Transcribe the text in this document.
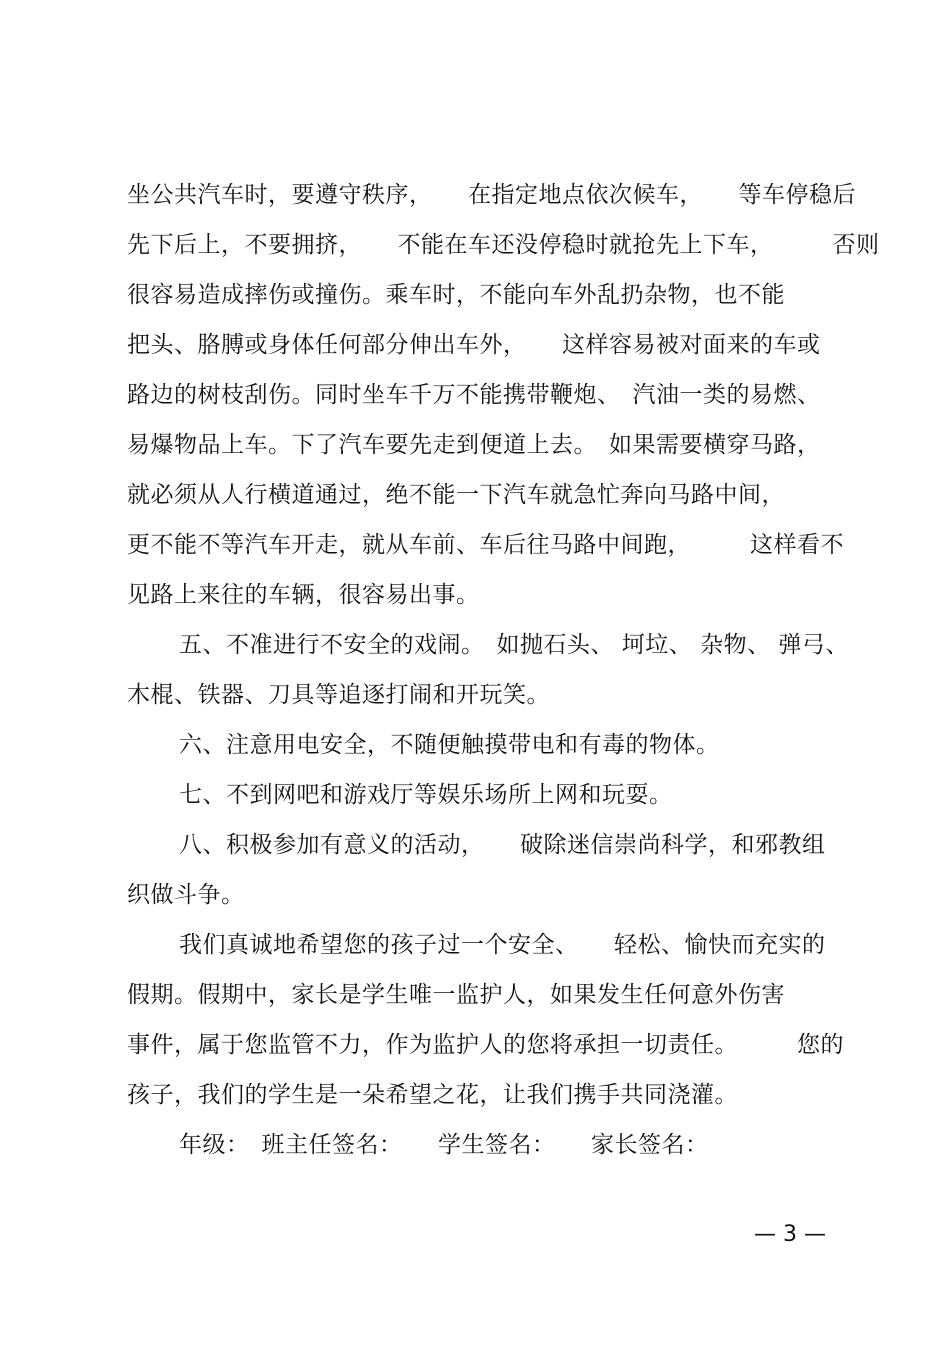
坐公共汽车时，要遵守秩序，　　在指定地点依次候车，　　等车停稳后
先下后上，不要拥挤，　　不能在车还没停稳时就抢先上下车，　　　否则
很容易造成摔伤或撞伤。乘车时，不能向车外乱扔杂物，也不能
把头、胳膊或身体任何部分伸出车外，　　这样容易被对面来的车或
路边的树枝刮伤。同时坐车千万不能携带鞭炮、　汽油一类的易燃、
易爆物品上车。下了汽车要先走到便道上去。　如果需要横穿马路，
就必须从人行横道通过，绝不能一下汽车就急忙奔向马路中间，
更不能不等汽车开走，就从车前、车后往马路中间跑，　　　这样看不
见路上来往的车辆，很容易出事。
五、不准进行不安全的戏闹。　如抛石头、 坷垃、 杂物、 弹弓、
木棍、铁器、刀具等追逐打闹和开玩笑。
六、注意用电安全，不随便触摸带电和有毒的物体。
七、不到网吧和游戏厅等娱乐场所上网和玩耍。
八、积极参加有意义的活动，　　破除迷信崇尚科学，和邪教组
织做斗争。
我们真诚地希望您的孩子过一个安全、　　轻松、愉快而充实的
假期。假期中，家长是学生唯一监护人，如果发生任何意外伤害
事件，属于您监管不力，作为监护人的您将承担一切责任。　　　您的
孩子，我们的学生是一朵希望之花，让我们携手共同浇灌。
年级：　班主任签名：　　学生签名：　　家长签名：
— 3 —
